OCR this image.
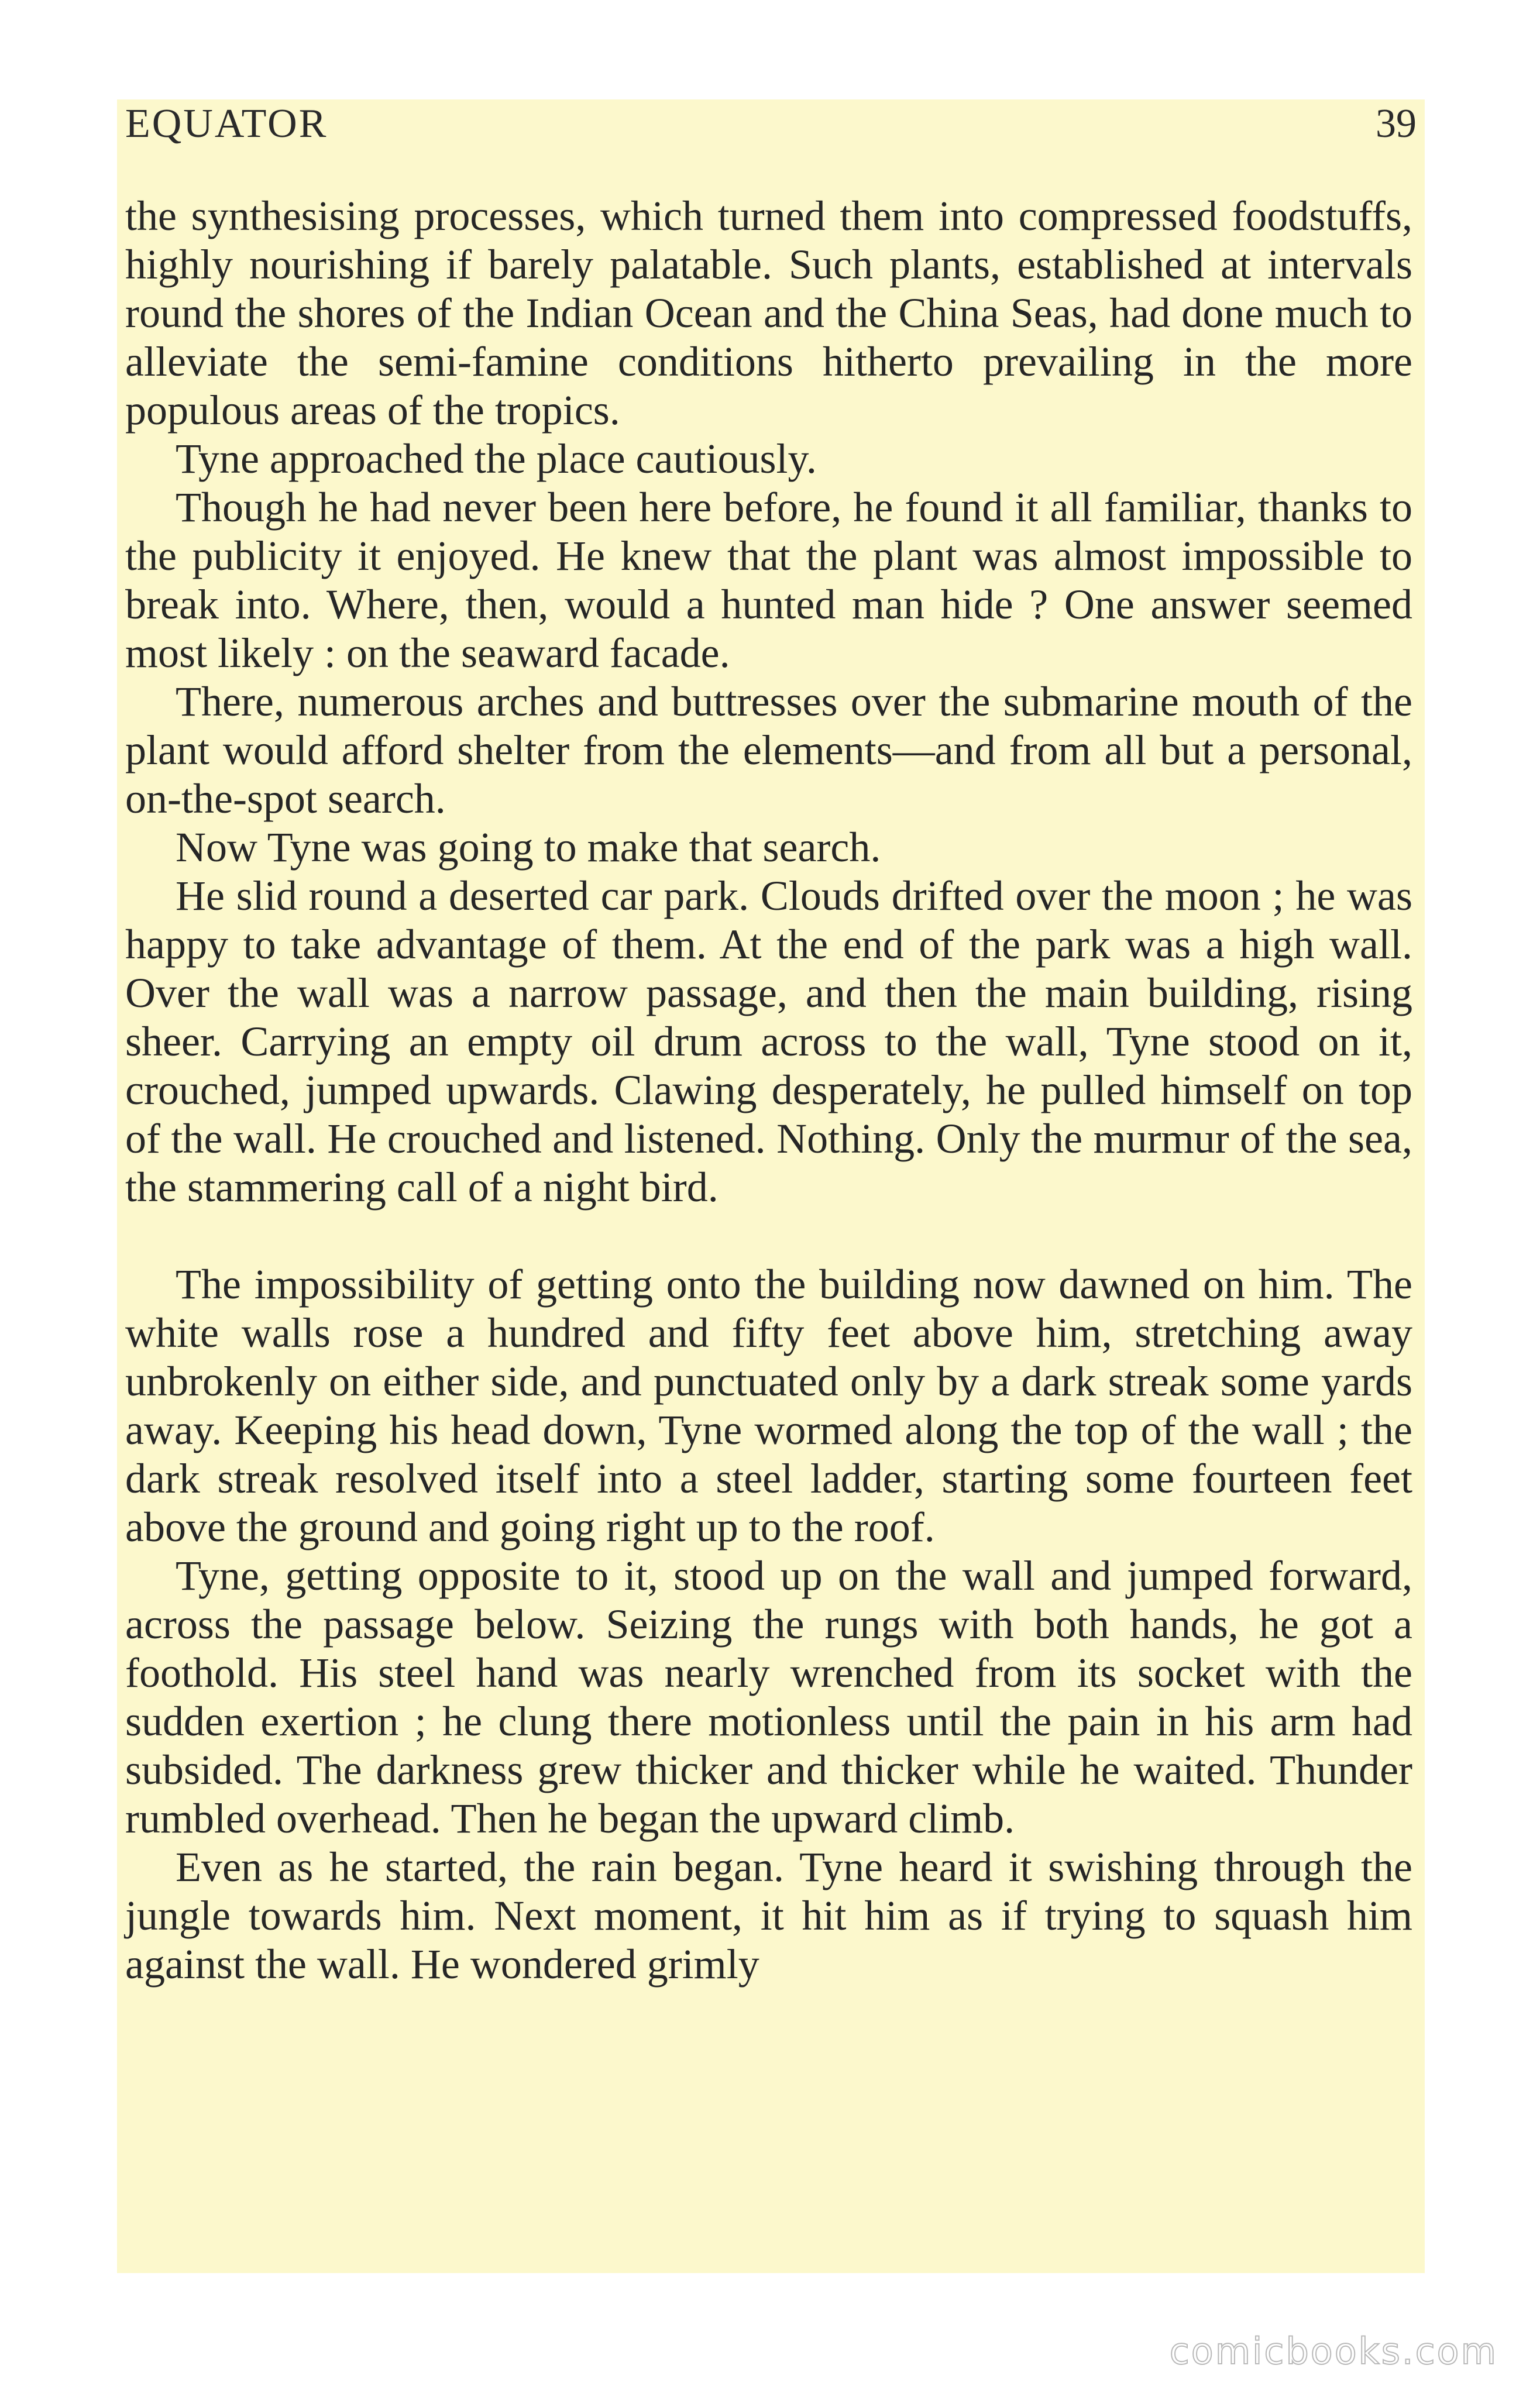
EQUATOR	39

the synthesising processes, which turned them into compressed foodstuffs, highly nourishing if barely palatable. Such plants, established at intervals round the shores of the Indian Ocean and the China Seas, had done much to alleviate the semi-famine conditions hitherto prevailing in the more populous areas of the tropics.

Tyne approached the place cautiously.

Though he had never been here before, he found it all familiar, thanks to the publicity it enjoyed. He knew that the plant was almost impossible to break into. Where, then, would a hunted man hide ? One answer seemed most likely : on the seaward facade.

There, numerous arches and buttresses over the submarine mouth of the plant would afford shelter from the elements—and from all but a personal, on-the-spot search.

Now Tyne was going to make that search.

He slid round a deserted car park. Clouds drifted over the moon ; he was happy to take advantage of them. At the end of the park was a high wall. Over the wall was a narrow passage, and then the main building, rising sheer. Carrying an empty oil drum across to the wall, Tyne stood on it, crouched, jumped upwards. Clawing desperately, he pulled himself on top of the wall. He crouched and listened. Nothing. Only the murmur of the sea, the stammering call of a night bird.

The impossibility of getting onto the building now dawned on him. The white walls rose a hundred and fifty feet above him, stretching away unbrokenly on either side, and punctuated only by a dark streak some yards away. Keeping his head down, Tyne wormed along the top of the wall ; the dark streak resolved itself into a steel ladder, starting some fourteen feet above the ground and going right up to the roof.

Tyne, getting opposite to it, stood up on the wall and jumped forward, across the passage below. Seizing the rungs with both hands, he got a foothold. His steel hand was nearly wrenched from its socket with the sudden exertion ; he clung there motionless until the pain in his arm had subsided. The darkness grew thicker and thicker while he waited. Thunder rumbled overhead. Then he began the upward climb.

Even as he started, the rain began. Tyne heard it swishing through the jungle towards him. Next moment, it hit him as if trying to squash him against the wall. He wondered grimly

comicbooks.com
